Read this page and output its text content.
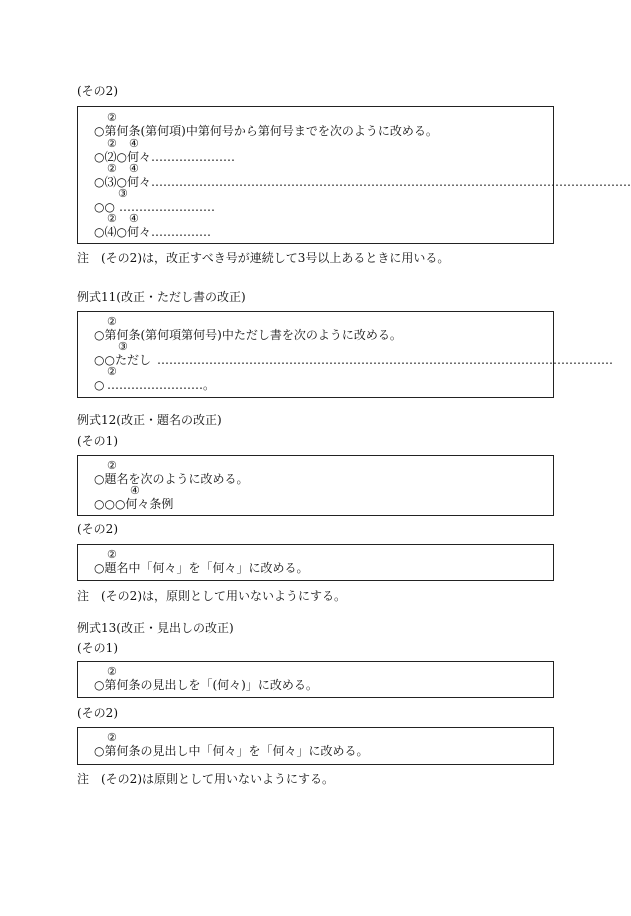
(その2)
②
○第何条(第何項)中第何号から第何号までを次のように改める。
② ④
○⑵○何々 …………………
② ④
○⑶○何々 …………………………………………………………………………………………………………
③
○○ ……………………
② ④
○⑷○何々 ……………
注　(その2)は，改正すべき号が連続して3号以上あるときに用いる。
例式11(改正・ただし書の改正)
②
○第何条(第何項第何号)中ただし書を次のように改める。
③
○○ただし ……………………………………………………………………………………………………
②
○ ……………………。
例式12(改正・題名の改正)
(その1)
②
○題名を次のように改める。
④
○○○何々条例
(その2)
②
○題名中「何々」を「何々」に改める。
注　(その2)は，原則として用いないようにする。
例式13(改正・見出しの改正)
(その1)
②
○第何条の見出しを「(何々)」に改める。
(その2)
②
○第何条の見出し中「何々」を「何々」に改める。
注　(その2)は原則として用いないようにする。
